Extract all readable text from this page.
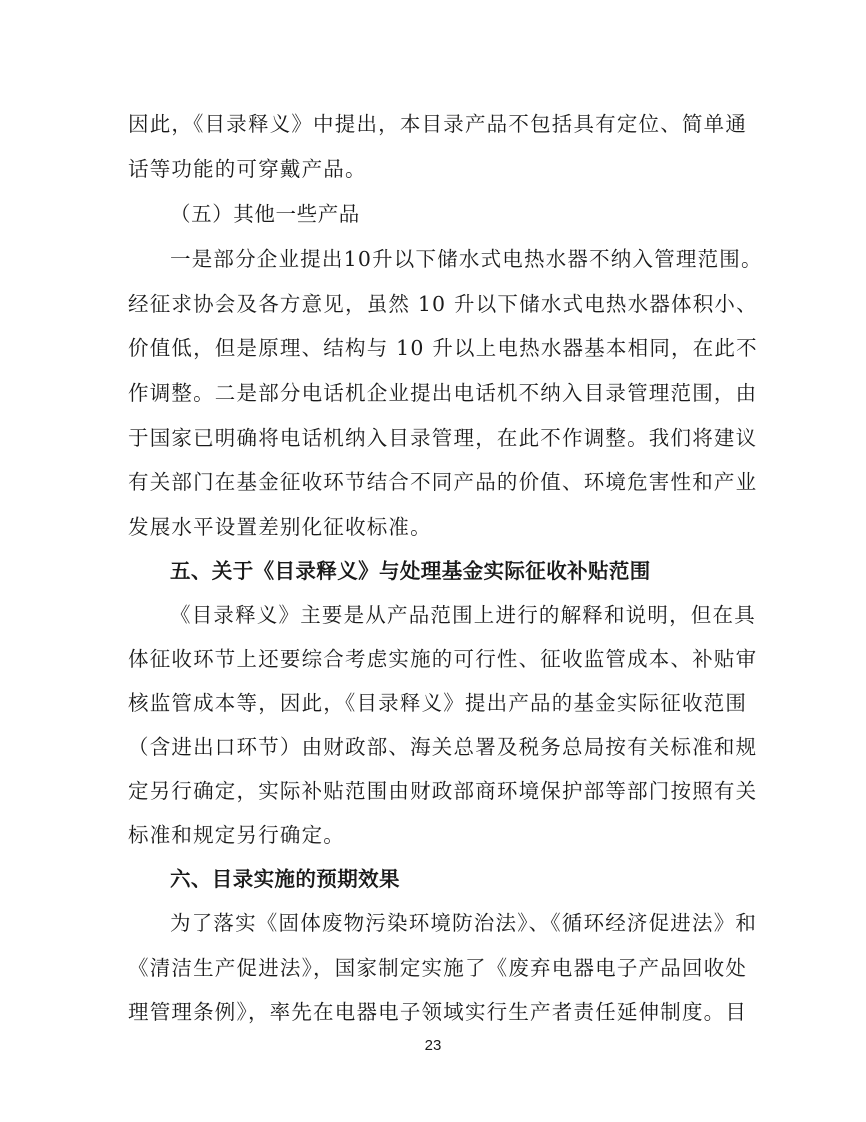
因此，《目录释义》中提出，本目录产品不包括具有定位、简单通
话等功能的可穿戴产品。
（五）其他一些产品
一是部分企业提出10升以下储水式电热水器不纳入管理范围。
经征求协会及各方意见，虽然 10 升以下储水式电热水器体积小、
价值低，但是原理、结构与 10 升以上电热水器基本相同，在此不
作调整。二是部分电话机企业提出电话机不纳入目录管理范围，由
于国家已明确将电话机纳入目录管理，在此不作调整。我们将建议
有关部门在基金征收环节结合不同产品的价值、环境危害性和产业
发展水平设置差别化征收标准。
五、关于《目录释义》与处理基金实际征收补贴范围
《目录释义》主要是从产品范围上进行的解释和说明，但在具
体征收环节上还要综合考虑实施的可行性、征收监管成本、补贴审
核监管成本等，因此，《目录释义》提出产品的基金实际征收范围
（含进出口环节）由财政部、海关总署及税务总局按有关标准和规
定另行确定，实际补贴范围由财政部商环境保护部等部门按照有关
标准和规定另行确定。
六、目录实施的预期效果
为了落实《固体废物污染环境防治法》、《循环经济促进法》和
《清洁生产促进法》，国家制定实施了《废弃电器电子产品回收处
理管理条例》，率先在电器电子领域实行生产者责任延伸制度。目
23
